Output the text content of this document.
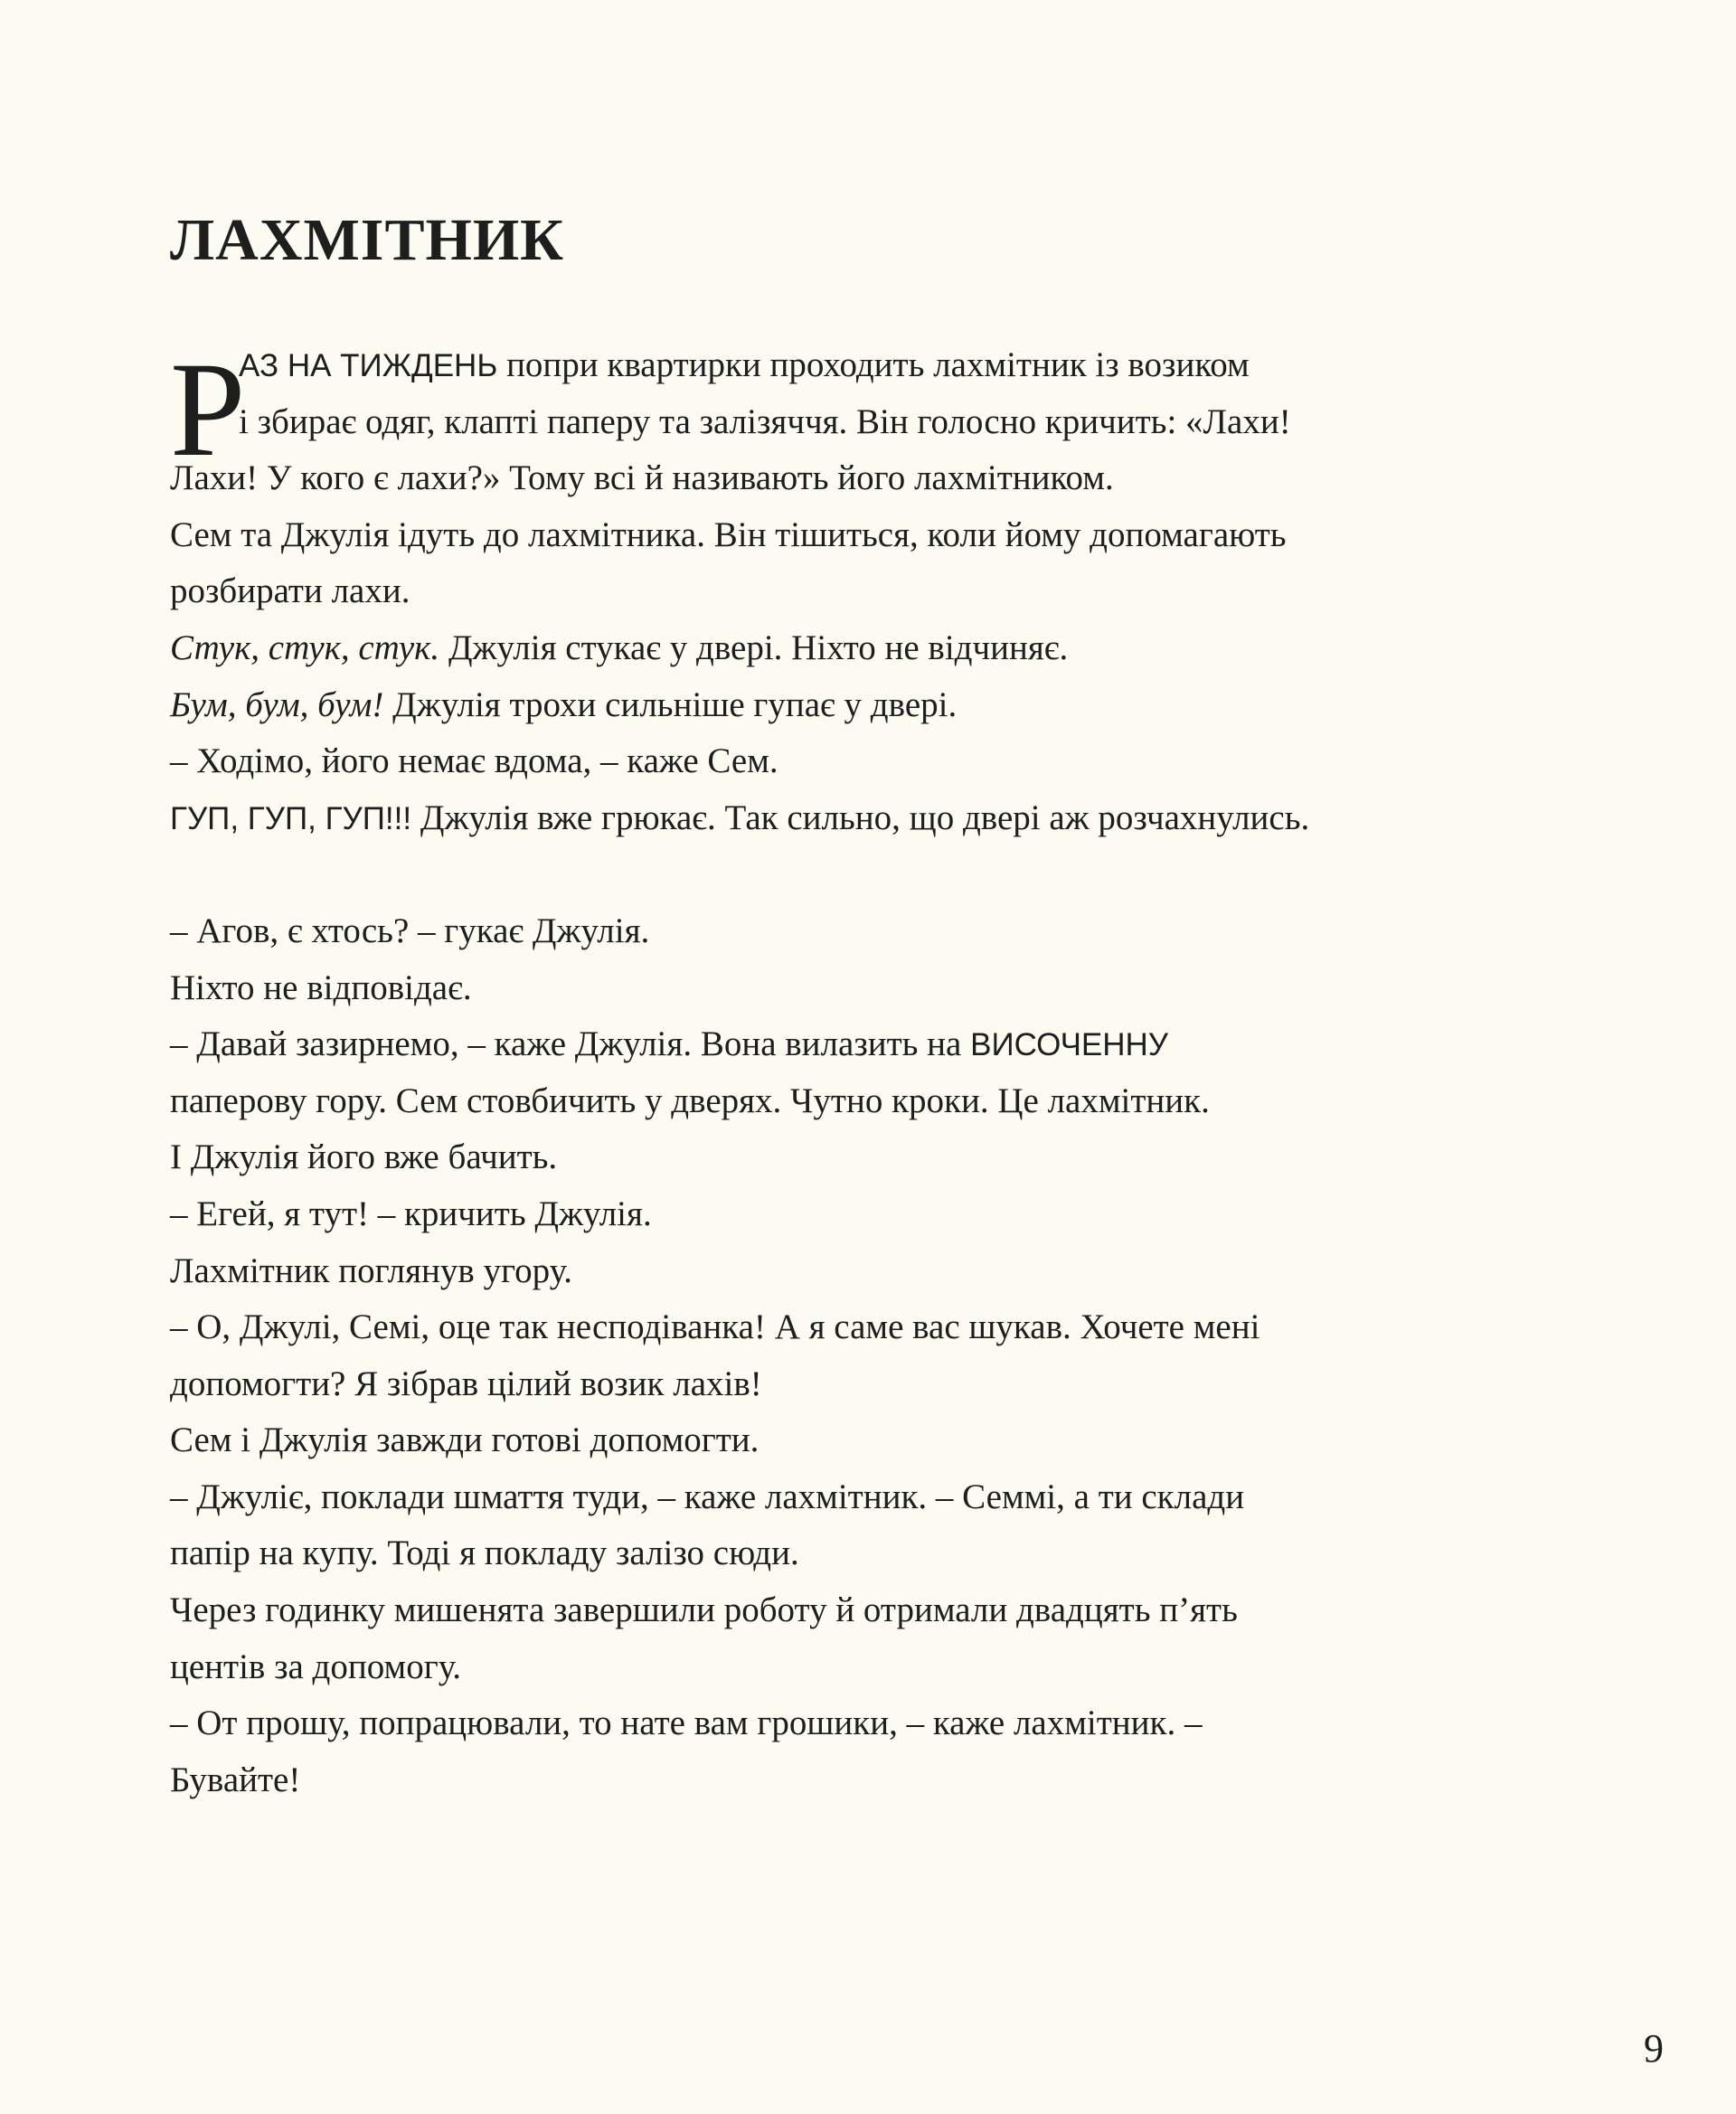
ЛАХМІТНИК
Р
АЗ НА ТИЖДЕНЬ попри квартирки проходить лахмітник із возиком
і збирає одяг, клапті паперу та залізяччя. Він голосно кричить: «Лахи!
Лахи! У кого є лахи?» Тому всі й називають його лахмітником.
Сем та Джулія ідуть до лахмітника. Він тішиться, коли йому допомагають
розбирати лахи.
Стук, стук, стук. Джулія стукає у двері. Ніхто не відчиняє.
Бум, бум, бум! Джулія трохи сильніше гупає у двері.
– Ходімо, його немає вдома, – каже Сем.
ГУП, ГУП, ГУП!!! Джулія вже грюкає. Так сильно, що двері аж розчахнулись.
– Агов, є хтось? – гукає Джулія.
Ніхто не відповідає.
– Давай зазирнемо, – каже Джулія. Вона вилазить на ВИСОЧЕННУ
паперову гору. Сем стовбичить у дверях. Чутно кроки. Це лахмітник.
І Джулія його вже бачить.
– Егей, я тут! – кричить Джулія.
Лахмітник поглянув угору.
– О, Джулі, Семі, оце так несподіванка! А я саме вас шукав. Хочете мені
допомогти? Я зібрав цілий возик лахів!
Сем і Джулія завжди готові допомогти.
– Джуліє, поклади шмаття туди, – каже лахмітник. – Семмі, а ти склади
папір на купу. Тоді я покладу залізо сюди.
Через годинку мишенята завершили роботу й отримали двадцять п’ять
центів за допомогу.
– От прошу, попрацювали, то нате вам грошики, – каже лахмітник. –
Бувайте!
9
